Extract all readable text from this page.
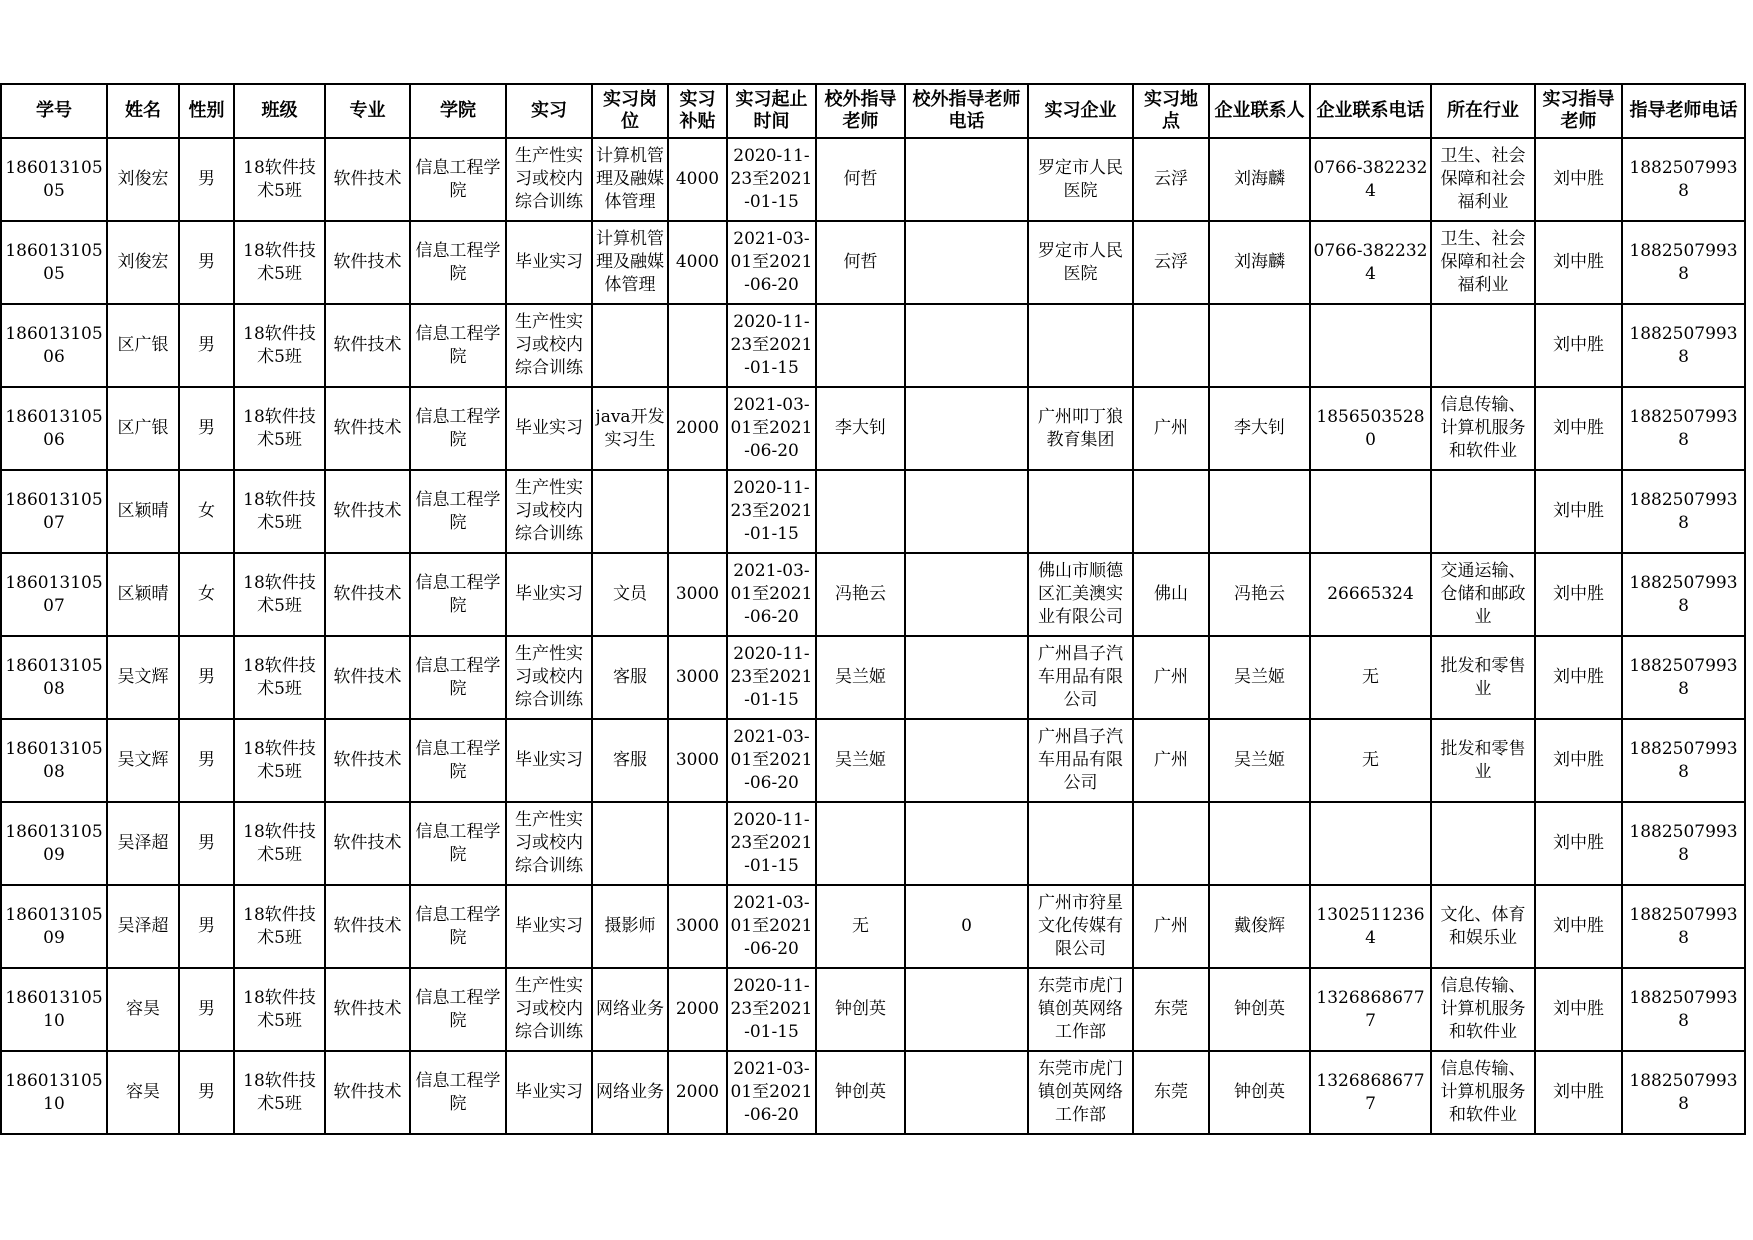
学号	姓名	性别	班级	专业	学院	实习	实习岗位	实习补贴	实习起止时间	校外指导老师	校外指导老师电话	实习企业	实习地点	企业联系人	企业联系电话	所在行业	实习指导老师	指导老师电话

18601310505	刘俊宏	男	18软件技术5班	软件技术	信息工程学院	生产性实习或校内综合训练	计算机管理及融媒体管理	4000	2020-11-23至2021-01-15	何哲		罗定市人民医院	云浮	刘海麟	0766-3822324	卫生、社会保障和社会福利业	刘中胜	18825079938

18601310505	刘俊宏	男	18软件技术5班	软件技术	信息工程学院	毕业实习	计算机管理及融媒体管理	4000	2021-03-01至2021-06-20	何哲		罗定市人民医院	云浮	刘海麟	0766-3822324	卫生、社会保障和社会福利业	刘中胜	18825079938

18601310506	区广银	男	18软件技术5班	软件技术	信息工程学院	生产性实习或校内综合训练			2020-11-23至2021-01-15								刘中胜	18825079938

18601310506	区广银	男	18软件技术5班	软件技术	信息工程学院	毕业实习	java开发实习生	2000	2021-03-01至2021-06-20	李大钊		广州叩丁狼教育集团	广州	李大钊	18565035280	信息传输、计算机服务和软件业	刘中胜	18825079938

18601310507	区颖晴	女	18软件技术5班	软件技术	信息工程学院	生产性实习或校内综合训练			2020-11-23至2021-01-15								刘中胜	18825079938

18601310507	区颖晴	女	18软件技术5班	软件技术	信息工程学院	毕业实习	文员	3000	2021-03-01至2021-06-20	冯艳云		佛山市顺德区汇美澳实业有限公司	佛山	冯艳云	26665324	交通运输、仓储和邮政业	刘中胜	18825079938

18601310508	吴文辉	男	18软件技术5班	软件技术	信息工程学院	生产性实习或校内综合训练	客服	3000	2020-11-23至2021-01-15	吴兰姬		广州昌子汽车用品有限公司	广州	吴兰姬	无	批发和零售业	刘中胜	18825079938

18601310508	吴文辉	男	18软件技术5班	软件技术	信息工程学院	毕业实习	客服	3000	2021-03-01至2021-06-20	吴兰姬		广州昌子汽车用品有限公司	广州	吴兰姬	无	批发和零售业	刘中胜	18825079938

18601310509	吴泽超	男	18软件技术5班	软件技术	信息工程学院	生产性实习或校内综合训练			2020-11-23至2021-01-15								刘中胜	18825079938

18601310509	吴泽超	男	18软件技术5班	软件技术	信息工程学院	毕业实习	摄影师	3000	2021-03-01至2021-06-20	无	0	广州市狩星文化传媒有限公司	广州	戴俊辉	13025112364	文化、体育和娱乐业	刘中胜	18825079938

18601310510	容昊	男	18软件技术5班	软件技术	信息工程学院	生产性实习或校内综合训练	网络业务	2000	2020-11-23至2021-01-15	钟创英		东莞市虎门镇创英网络工作部	东莞	钟创英	13268686777	信息传输、计算机服务和软件业	刘中胜	18825079938

18601310510	容昊	男	18软件技术5班	软件技术	信息工程学院	毕业实习	网络业务	2000	2021-03-01至2021-06-20	钟创英		东莞市虎门镇创英网络工作部	东莞	钟创英	13268686777	信息传输、计算机服务和软件业	刘中胜	18825079938
